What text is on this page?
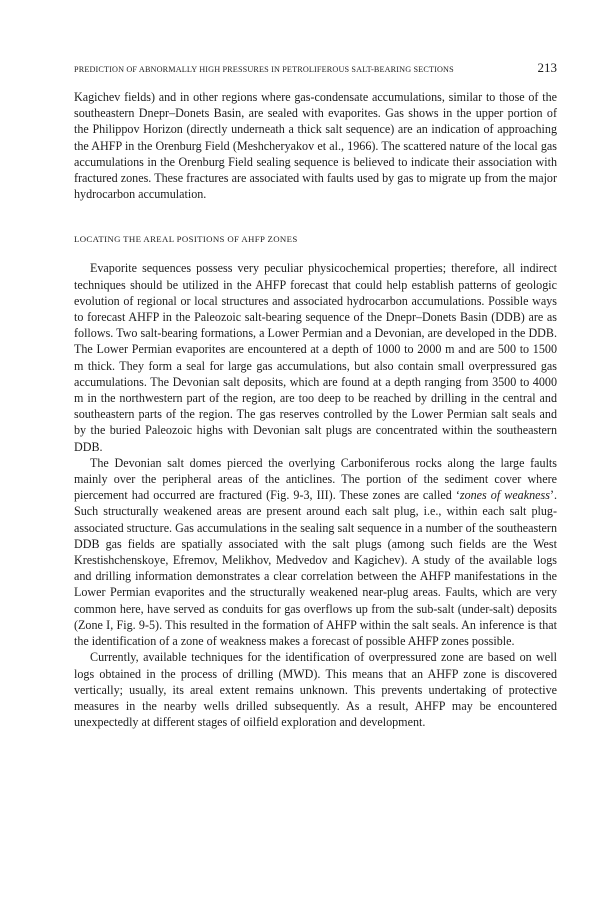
PREDICTION OF ABNORMALLY HIGH PRESSURES IN PETROLIFEROUS SALT-BEARING SECTIONS	213

Kagichev fields) and in other regions where gas-condensate accumulations, similar to those of the southeastern Dnepr–Donets Basin, are sealed with evaporites. Gas shows in the upper portion of the Philippov Horizon (directly underneath a thick salt sequence) are an indication of approaching the AHFP in the Orenburg Field (Meshcheryakov et al., 1966). The scattered nature of the local gas accumulations in the Orenburg Field sealing sequence is believed to indicate their association with fractured zones. These fractures are associated with faults used by gas to migrate up from the major hydrocarbon accumulation.

LOCATING THE AREAL POSITIONS OF AHFP ZONES

Evaporite sequences possess very peculiar physicochemical properties; therefore, all indirect techniques should be utilized in the AHFP forecast that could help establish patterns of geologic evolution of regional or local structures and associated hydrocarbon accumulations. Possible ways to forecast AHFP in the Paleozoic salt-bearing sequence of the Dnepr–Donets Basin (DDB) are as follows. Two salt-bearing formations, a Lower Permian and a Devonian, are developed in the DDB. The Lower Permian evaporites are encountered at a depth of 1000 to 2000 m and are 500 to 1500 m thick. They form a seal for large gas accumulations, but also contain small overpressured gas accumulations. The Devonian salt deposits, which are found at a depth ranging from 3500 to 4000 m in the northwestern part of the region, are too deep to be reached by drilling in the central and southeastern parts of the region. The gas reserves controlled by the Lower Permian salt seals and by the buried Paleozoic highs with Devonian salt plugs are concentrated within the southeastern DDB.

The Devonian salt domes pierced the overlying Carboniferous rocks along the large faults mainly over the peripheral areas of the anticlines. The portion of the sediment cover where piercement had occurred are fractured (Fig. 9-3, III). These zones are called ‘zones of weakness’. Such structurally weakened areas are present around each salt plug, i.e., within each salt plug-associated structure. Gas accumulations in the sealing salt sequence in a number of the southeastern DDB gas fields are spatially associated with the salt plugs (among such fields are the West Krestishchenskoye, Efremov, Melikhov, Medvedov and Kagichev). A study of the available logs and drilling information demonstrates a clear correlation between the AHFP manifestations in the Lower Permian evaporites and the structurally weakened near-plug areas. Faults, which are very common here, have served as conduits for gas overflows up from the sub-salt (under-salt) deposits (Zone I, Fig. 9-5). This resulted in the formation of AHFP within the salt seals. An inference is that the identification of a zone of weakness makes a forecast of possible AHFP zones possible.

Currently, available techniques for the identification of overpressured zone are based on well logs obtained in the process of drilling (MWD). This means that an AHFP zone is discovered vertically; usually, its areal extent remains unknown. This prevents undertaking of protective measures in the nearby wells drilled subsequently. As a result, AHFP may be encountered unexpectedly at different stages of oilfield exploration and development.
